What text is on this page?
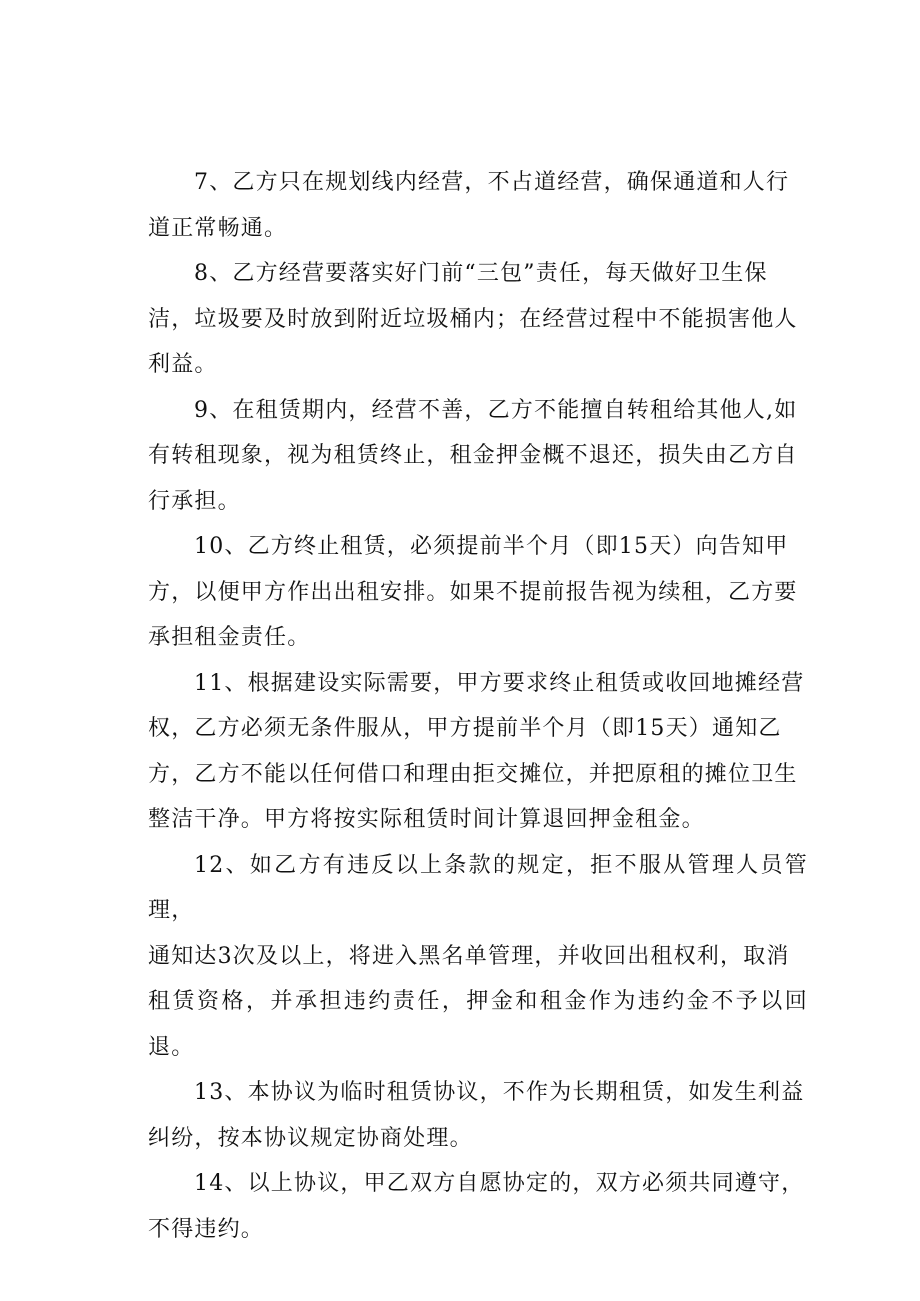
7、乙方只在规划线内经营，不占道经营，确保通道和人行
道正常畅通。

8、乙方经营要落实好门前“三包”责任，每天做好卫生保
洁，垃圾要及时放到附近垃圾桶内；在经营过程中不能损害他人
利益。

9、在租赁期内，经营不善，乙方不能擅自转租给其他人,如
有转租现象，视为租赁终止，租金押金概不退还，损失由乙方自
行承担。

10、乙方终止租赁，必须提前半个月（即15天）向告知甲
方，以便甲方作出出租安排。如果不提前报告视为续租，乙方要
承担租金责任。

11、根据建设实际需要，甲方要求终止租赁或收回地摊经营
权，乙方必须无条件服从，甲方提前半个月（即15天）通知乙
方，乙方不能以任何借口和理由拒交摊位，并把原租的摊位卫生
整洁干净。甲方将按实际租赁时间计算退回押金租金。

12、如乙方有违反以上条款的规定，拒不服从管理人员管理，
通知达3次及以上，将进入黑名单管理，并收回出租权利，取消
租赁资格，并承担违约责任，押金和租金作为违约金不予以回退。

13、本协议为临时租赁协议，不作为长期租赁，如发生利益
纠纷，按本协议规定协商处理。

14、以上协议，甲乙双方自愿协定的，双方必须共同遵守，
不得违约。
